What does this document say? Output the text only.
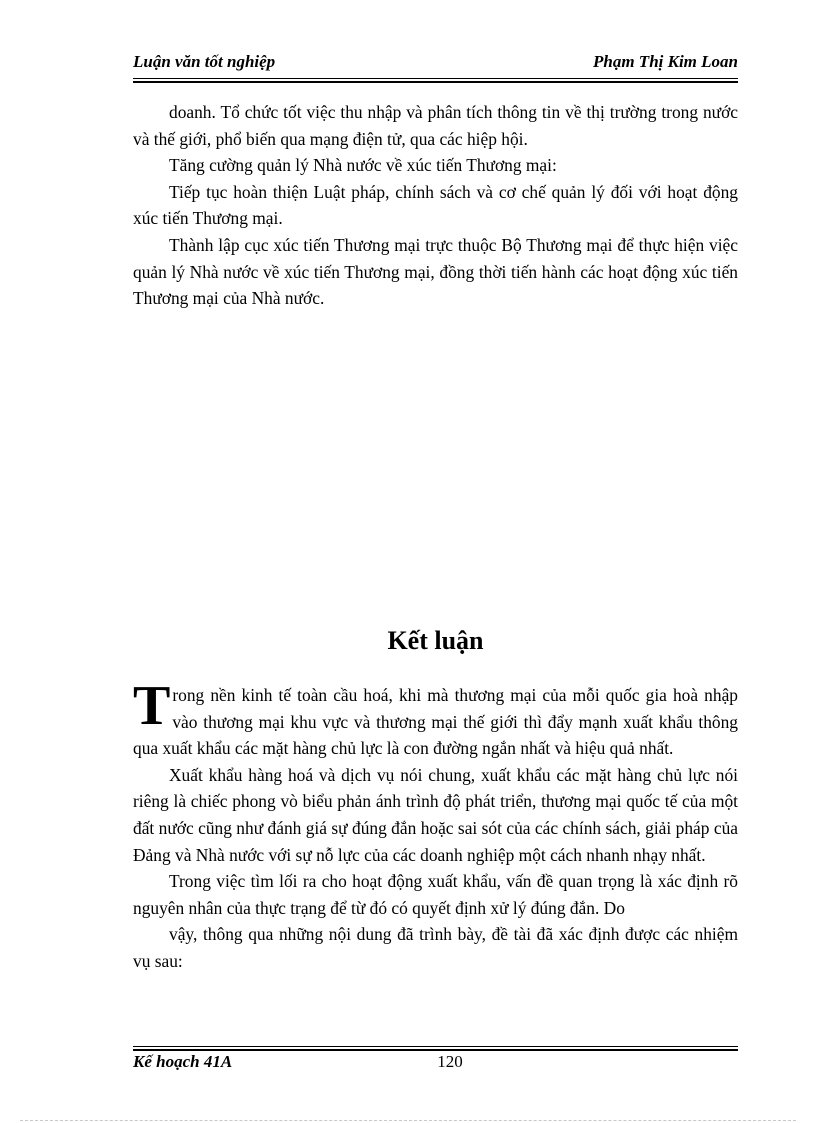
Luận văn tốt nghiệp	Phạm Thị Kim Loan

doanh. Tổ chức tốt việc thu nhập và phân tích thông tin về thị trường trong nước và thế giới, phổ biến qua mạng điện tử, qua các hiệp hội.

Tăng cường quản lý Nhà nước về xúc tiến Thương mại:

Tiếp tục hoàn thiện Luật pháp, chính sách và cơ chế quản lý đối với hoạt động xúc tiến Thương mại.

Thành lập cục xúc tiến Thương mại trực thuộc Bộ Thương mại để thực hiện việc quản lý Nhà nước về xúc tiến Thương mại, đồng thời tiến hành các hoạt động xúc tiến Thương mại của Nhà nước.

Kết luận

Trong nền kinh tế toàn cầu hoá, khi mà thương mại của mỗi quốc gia hoà nhập vào thương mại khu vực và thương mại thế giới thì đẩy mạnh xuất khẩu thông qua xuất khẩu các mặt hàng chủ lực là con đường ngắn nhất và hiệu quả nhất.

Xuất khẩu hàng hoá và dịch vụ nói chung, xuất khẩu các mặt hàng chủ lực nói riêng là chiếc phong vò biểu phản ánh trình độ phát triển, thương mại quốc tế của một đất nước cũng như đánh giá sự đúng đắn hoặc sai sót của các chính sách, giải pháp của Đảng và Nhà nước với sự nỗ lực của các doanh nghiệp một cách nhanh nhạy nhất.

Trong việc tìm lối ra cho hoạt động xuất khẩu, vấn đề quan trọng là xác định rõ nguyên nhân của thực trạng để từ đó có quyết định xử lý đúng đắn. Do

vậy, thông qua những nội dung đã trình bày, đề tài đã xác định được các nhiệm vụ sau:

Kế hoạch 41A	120
